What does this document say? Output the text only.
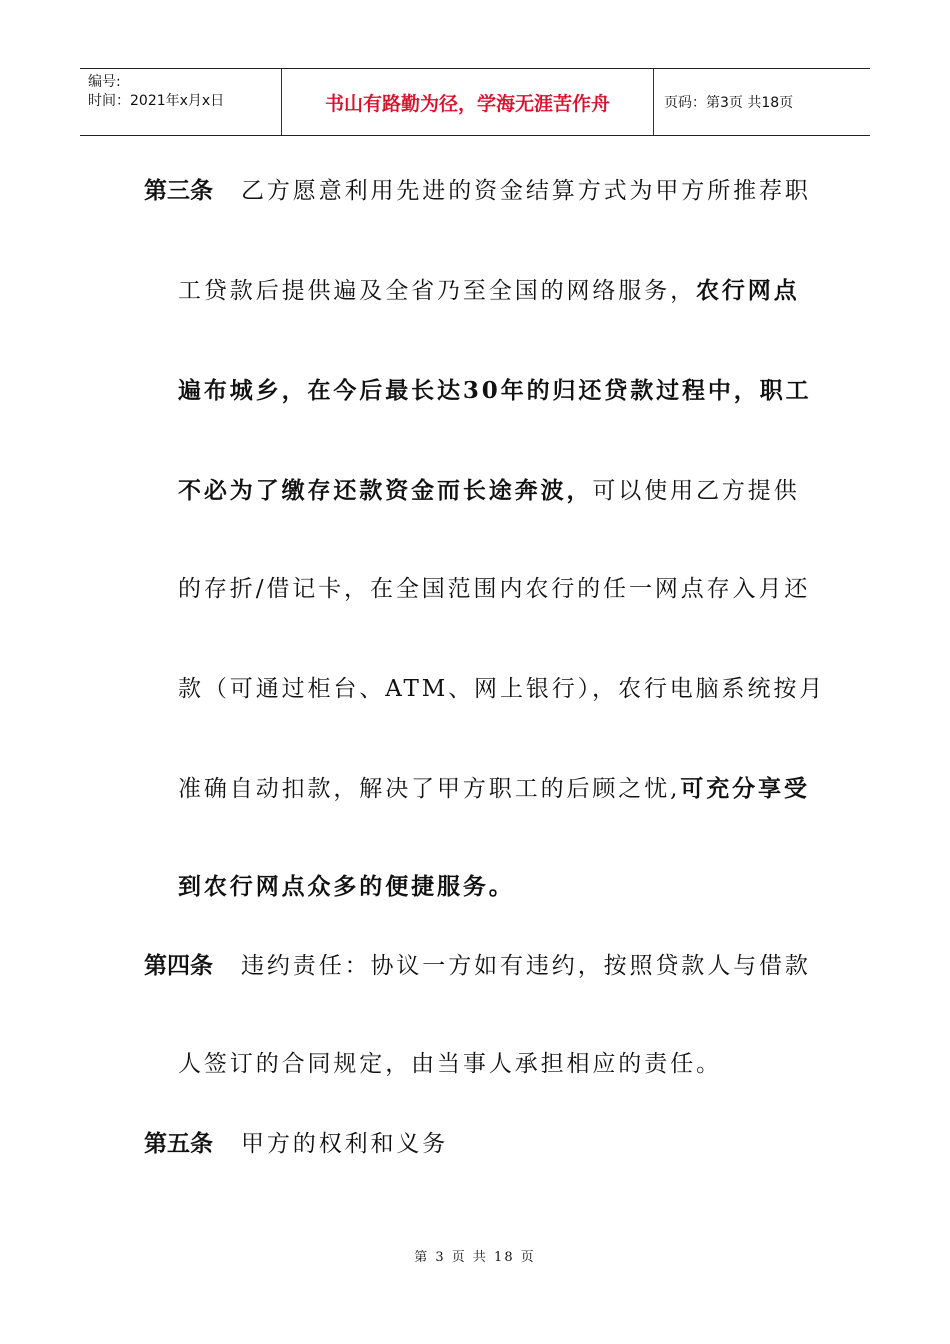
编号:
时间：2021年x月x日	书山有路勤为径，学海无涯苦作舟	页码：第3页 共18页
第三条 乙方愿意利用先进的资金结算方式为甲方所推荐职
工贷款后提供遍及全省乃至全国的网络服务，农行网点
遍布城乡，在今后最长达30年的归还贷款过程中，职工
不必为了缴存还款资金而长途奔波，可以使用乙方提供
的存折/借记卡，在全国范围内农行的任一网点存入月还
款（可通过柜台、ATM、网上银行），农行电脑系统按月
准确自动扣款，解决了甲方职工的后顾之忧,可充分享受
到农行网点众多的便捷服务。
第四条 违约责任：协议一方如有违约，按照贷款人与借款
人签订的合同规定，由当事人承担相应的责任。
第五条 甲方的权利和义务
第 3 页 共 18 页
